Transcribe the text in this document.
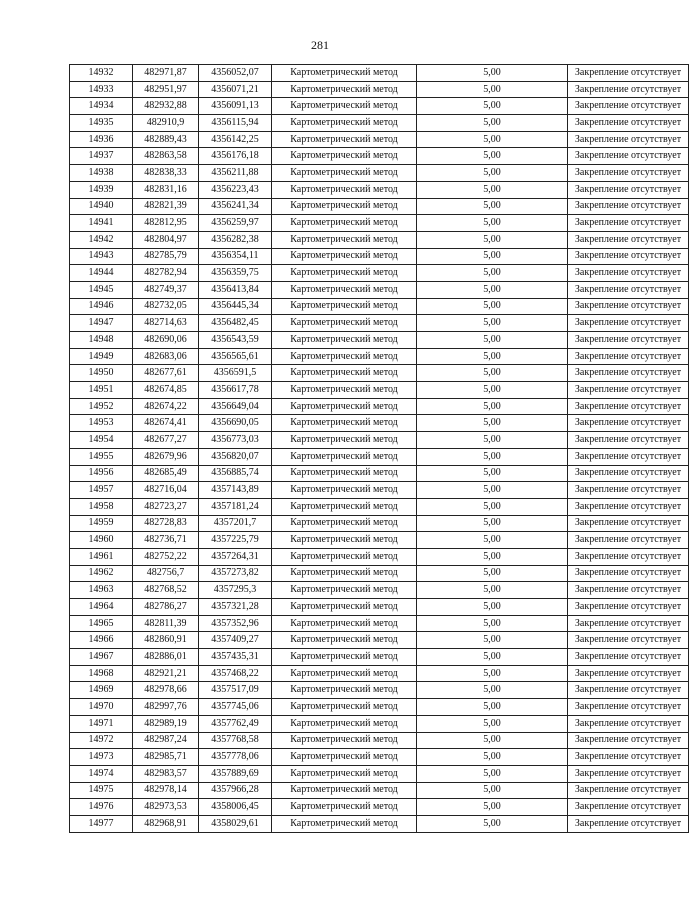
281
14932	482971,87	4356052,07	Картометрический метод	5,00	Закрепление отсутствует
14933	482951,97	4356071,21	Картометрический метод	5,00	Закрепление отсутствует
14934	482932,88	4356091,13	Картометрический метод	5,00	Закрепление отсутствует
14935	482910,9	4356115,94	Картометрический метод	5,00	Закрепление отсутствует
14936	482889,43	4356142,25	Картометрический метод	5,00	Закрепление отсутствует
14937	482863,58	4356176,18	Картометрический метод	5,00	Закрепление отсутствует
14938	482838,33	4356211,88	Картометрический метод	5,00	Закрепление отсутствует
14939	482831,16	4356223,43	Картометрический метод	5,00	Закрепление отсутствует
14940	482821,39	4356241,34	Картометрический метод	5,00	Закрепление отсутствует
14941	482812,95	4356259,97	Картометрический метод	5,00	Закрепление отсутствует
14942	482804,97	4356282,38	Картометрический метод	5,00	Закрепление отсутствует
14943	482785,79	4356354,11	Картометрический метод	5,00	Закрепление отсутствует
14944	482782,94	4356359,75	Картометрический метод	5,00	Закрепление отсутствует
14945	482749,37	4356413,84	Картометрический метод	5,00	Закрепление отсутствует
14946	482732,05	4356445,34	Картометрический метод	5,00	Закрепление отсутствует
14947	482714,63	4356482,45	Картометрический метод	5,00	Закрепление отсутствует
14948	482690,06	4356543,59	Картометрический метод	5,00	Закрепление отсутствует
14949	482683,06	4356565,61	Картометрический метод	5,00	Закрепление отсутствует
14950	482677,61	4356591,5	Картометрический метод	5,00	Закрепление отсутствует
14951	482674,85	4356617,78	Картометрический метод	5,00	Закрепление отсутствует
14952	482674,22	4356649,04	Картометрический метод	5,00	Закрепление отсутствует
14953	482674,41	4356690,05	Картометрический метод	5,00	Закрепление отсутствует
14954	482677,27	4356773,03	Картометрический метод	5,00	Закрепление отсутствует
14955	482679,96	4356820,07	Картометрический метод	5,00	Закрепление отсутствует
14956	482685,49	4356885,74	Картометрический метод	5,00	Закрепление отсутствует
14957	482716,04	4357143,89	Картометрический метод	5,00	Закрепление отсутствует
14958	482723,27	4357181,24	Картометрический метод	5,00	Закрепление отсутствует
14959	482728,83	4357201,7	Картометрический метод	5,00	Закрепление отсутствует
14960	482736,71	4357225,79	Картометрический метод	5,00	Закрепление отсутствует
14961	482752,22	4357264,31	Картометрический метод	5,00	Закрепление отсутствует
14962	482756,7	4357273,82	Картометрический метод	5,00	Закрепление отсутствует
14963	482768,52	4357295,3	Картометрический метод	5,00	Закрепление отсутствует
14964	482786,27	4357321,28	Картометрический метод	5,00	Закрепление отсутствует
14965	482811,39	4357352,96	Картометрический метод	5,00	Закрепление отсутствует
14966	482860,91	4357409,27	Картометрический метод	5,00	Закрепление отсутствует
14967	482886,01	4357435,31	Картометрический метод	5,00	Закрепление отсутствует
14968	482921,21	4357468,22	Картометрический метод	5,00	Закрепление отсутствует
14969	482978,66	4357517,09	Картометрический метод	5,00	Закрепление отсутствует
14970	482997,76	4357745,06	Картометрический метод	5,00	Закрепление отсутствует
14971	482989,19	4357762,49	Картометрический метод	5,00	Закрепление отсутствует
14972	482987,24	4357768,58	Картометрический метод	5,00	Закрепление отсутствует
14973	482985,71	4357778,06	Картометрический метод	5,00	Закрепление отсутствует
14974	482983,57	4357889,69	Картометрический метод	5,00	Закрепление отсутствует
14975	482978,14	4357966,28	Картометрический метод	5,00	Закрепление отсутствует
14976	482973,53	4358006,45	Картометрический метод	5,00	Закрепление отсутствует
14977	482968,91	4358029,61	Картометрический метод	5,00	Закрепление отсутствует
